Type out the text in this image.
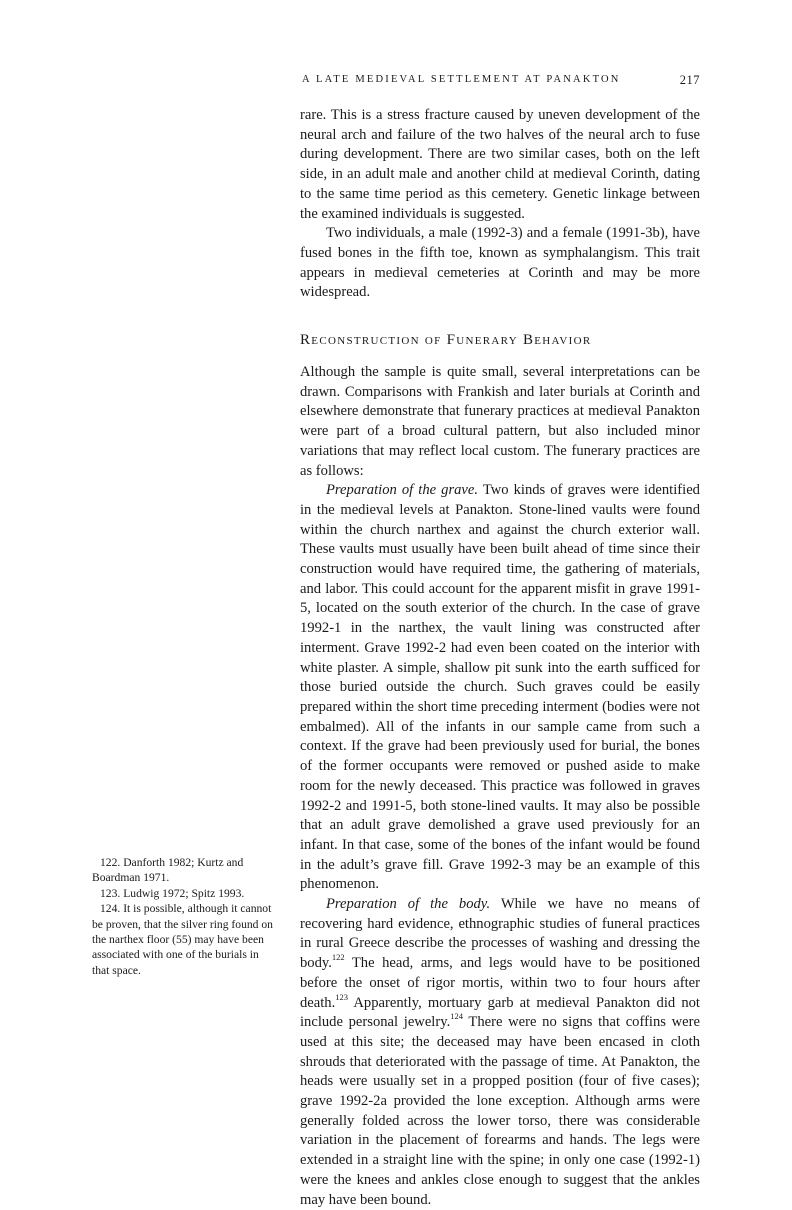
A LATE MEDIEVAL SETTLEMENT AT PANAKTON	217

rare. This is a stress fracture caused by uneven development of the neural arch and failure of the two halves of the neural arch to fuse during development. There are two similar cases, both on the left side, in an adult male and another child at medieval Corinth, dating to the same time period as this cemetery. Genetic linkage between the examined individuals is suggested.

Two individuals, a male (1992-3) and a female (1991-3b), have fused bones in the fifth toe, known as symphalangism. This trait appears in medieval cemeteries at Corinth and may be more widespread.

Reconstruction of Funerary Behavior

Although the sample is quite small, several interpretations can be drawn. Comparisons with Frankish and later burials at Corinth and elsewhere demonstrate that funerary practices at medieval Panakton were part of a broad cultural pattern, but also included minor variations that may reflect local custom. The funerary practices are as follows:

Preparation of the grave. Two kinds of graves were identified in the medieval levels at Panakton. Stone-lined vaults were found within the church narthex and against the church exterior wall. These vaults must usually have been built ahead of time since their construction would have required time, the gathering of materials, and labor. This could account for the apparent misfit in grave 1991-5, located on the south exterior of the church. In the case of grave 1992-1 in the narthex, the vault lining was constructed after interment. Grave 1992-2 had even been coated on the interior with white plaster. A simple, shallow pit sunk into the earth sufficed for those buried outside the church. Such graves could be easily prepared within the short time preceding interment (bodies were not embalmed). All of the infants in our sample came from such a context. If the grave had been previously used for burial, the bones of the former occupants were removed or pushed aside to make room for the newly deceased. This practice was followed in graves 1992-2 and 1991-5, both stone-lined vaults. It may also be possible that an adult grave demolished a grave used previously for an infant. In that case, some of the bones of the infant would be found in the adult’s grave fill. Grave 1992-3 may be an example of this phenomenon.

Preparation of the body. While we have no means of recovering hard evidence, ethnographic studies of funeral practices in rural Greece describe the processes of washing and dressing the body.$^{122}$ The head, arms, and legs would have to be positioned before the onset of rigor mortis, within two to four hours after death.$^{123}$ Apparently, mortuary garb at medieval Panakton did not include personal jewelry.$^{124}$ There were no signs that coffins were used at this site; the deceased may have been encased in cloth shrouds that deteriorated with the passage of time. At Panakton, the heads were usually set in a propped position (four of five cases); grave 1992-2a provided the lone exception. Although arms were generally folded across the lower torso, there was considerable variation in the placement of forearms and hands. The legs were extended in a straight line with the spine; in only one case (1992-1) were the knees and ankles close enough to suggest that the ankles may have been bound.

122. Danforth 1982; Kurtz and Boardman 1971.

123. Ludwig 1972; Spitz 1993.

124. It is possible, although it cannot be proven, that the silver ring found on the narthex floor (55) may have been associated with one of the burials in that space.
